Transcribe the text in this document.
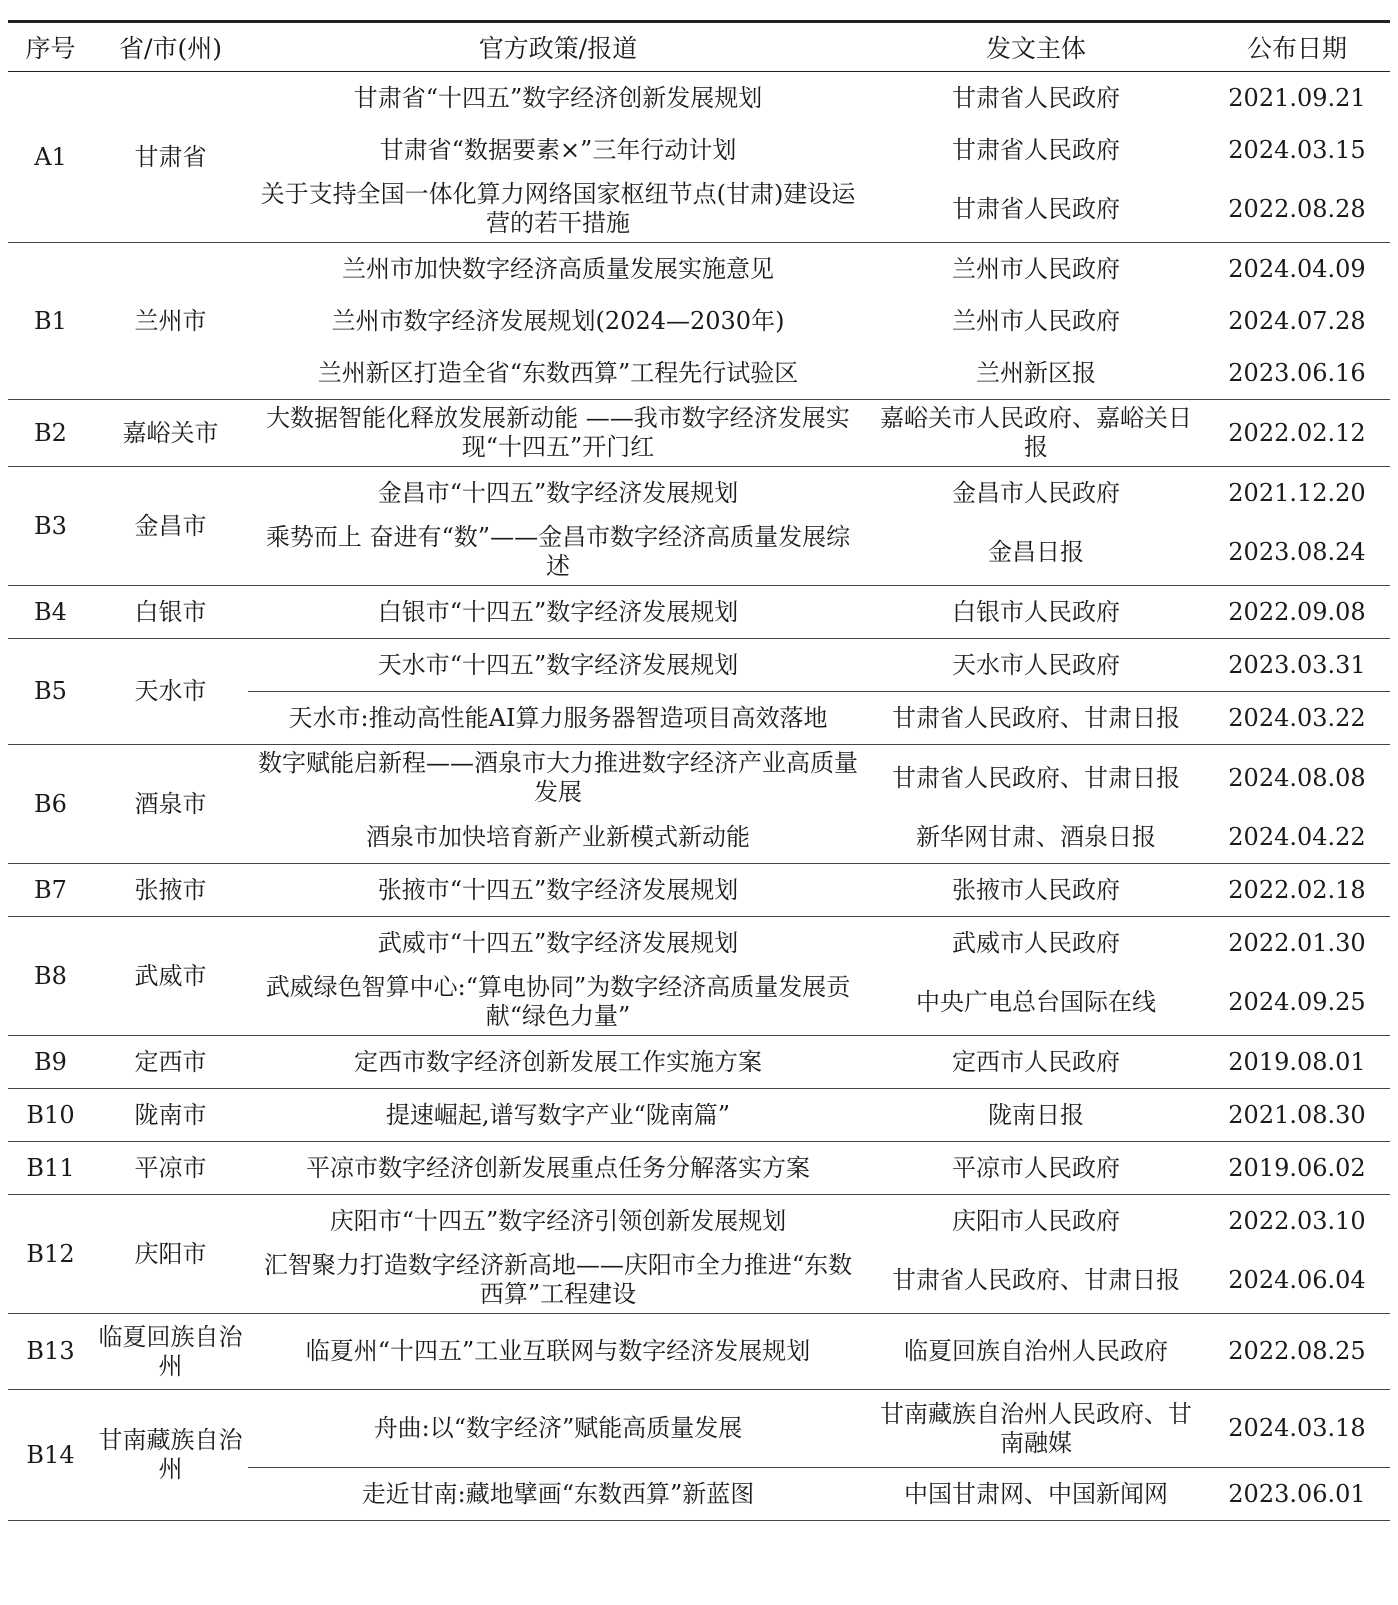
序号	省/市(州)	官方政策/报道	发文主体	公布日期
A1	甘肃省	甘肃省“十四五”数字经济创新发展规划	甘肃省人民政府	2021.09.21
		甘肃省“数据要素×”三年行动计划	甘肃省人民政府	2024.03.15
		关于支持全国一体化算力网络国家枢纽节点(甘肃)建设运营的若干措施	甘肃省人民政府	2022.08.28
B1	兰州市	兰州市加快数字经济高质量发展实施意见	兰州市人民政府	2024.04.09
		兰州市数字经济发展规划(2024—2030年)	兰州市人民政府	2024.07.28
		兰州新区打造全省“东数西算”工程先行试验区	兰州新区报	2023.06.16
B2	嘉峪关市	大数据智能化释放发展新动能 ——我市数字经济发展实现“十四五”开门红	嘉峪关市人民政府、嘉峪关日报	2022.02.12
B3	金昌市	金昌市“十四五”数字经济发展规划	金昌市人民政府	2021.12.20
		乘势而上 奋进有“数”——金昌市数字经济高质量发展综述	金昌日报	2023.08.24
B4	白银市	白银市“十四五”数字经济发展规划	白银市人民政府	2022.09.08
B5	天水市	天水市“十四五”数字经济发展规划	天水市人民政府	2023.03.31
		天水市:推动高性能AI算力服务器智造项目高效落地	甘肃省人民政府、甘肃日报	2024.03.22
B6	酒泉市	数字赋能启新程——酒泉市大力推进数字经济产业高质量发展	甘肃省人民政府、甘肃日报	2024.08.08
		酒泉市加快培育新产业新模式新动能	新华网甘肃、酒泉日报	2024.04.22
B7	张掖市	张掖市“十四五”数字经济发展规划	张掖市人民政府	2022.02.18
B8	武威市	武威市“十四五”数字经济发展规划	武威市人民政府	2022.01.30
		武威绿色智算中心:“算电协同”为数字经济高质量发展贡献“绿色力量”	中央广电总台国际在线	2024.09.25
B9	定西市	定西市数字经济创新发展工作实施方案	定西市人民政府	2019.08.01
B10	陇南市	提速崛起,谱写数字产业“陇南篇”	陇南日报	2021.08.30
B11	平凉市	平凉市数字经济创新发展重点任务分解落实方案	平凉市人民政府	2019.06.02
B12	庆阳市	庆阳市“十四五”数字经济引领创新发展规划	庆阳市人民政府	2022.03.10
		汇智聚力打造数字经济新高地——庆阳市全力推进“东数西算”工程建设	甘肃省人民政府、甘肃日报	2024.06.04
B13	临夏回族自治州	临夏州“十四五”工业互联网与数字经济发展规划	临夏回族自治州人民政府	2022.08.25
B14	甘南藏族自治州	舟曲:以“数字经济”赋能高质量发展	甘南藏族自治州人民政府、甘南融媒	2024.03.18
		走近甘南:藏地擘画“东数西算”新蓝图	中国甘肃网、中国新闻网	2023.06.01
